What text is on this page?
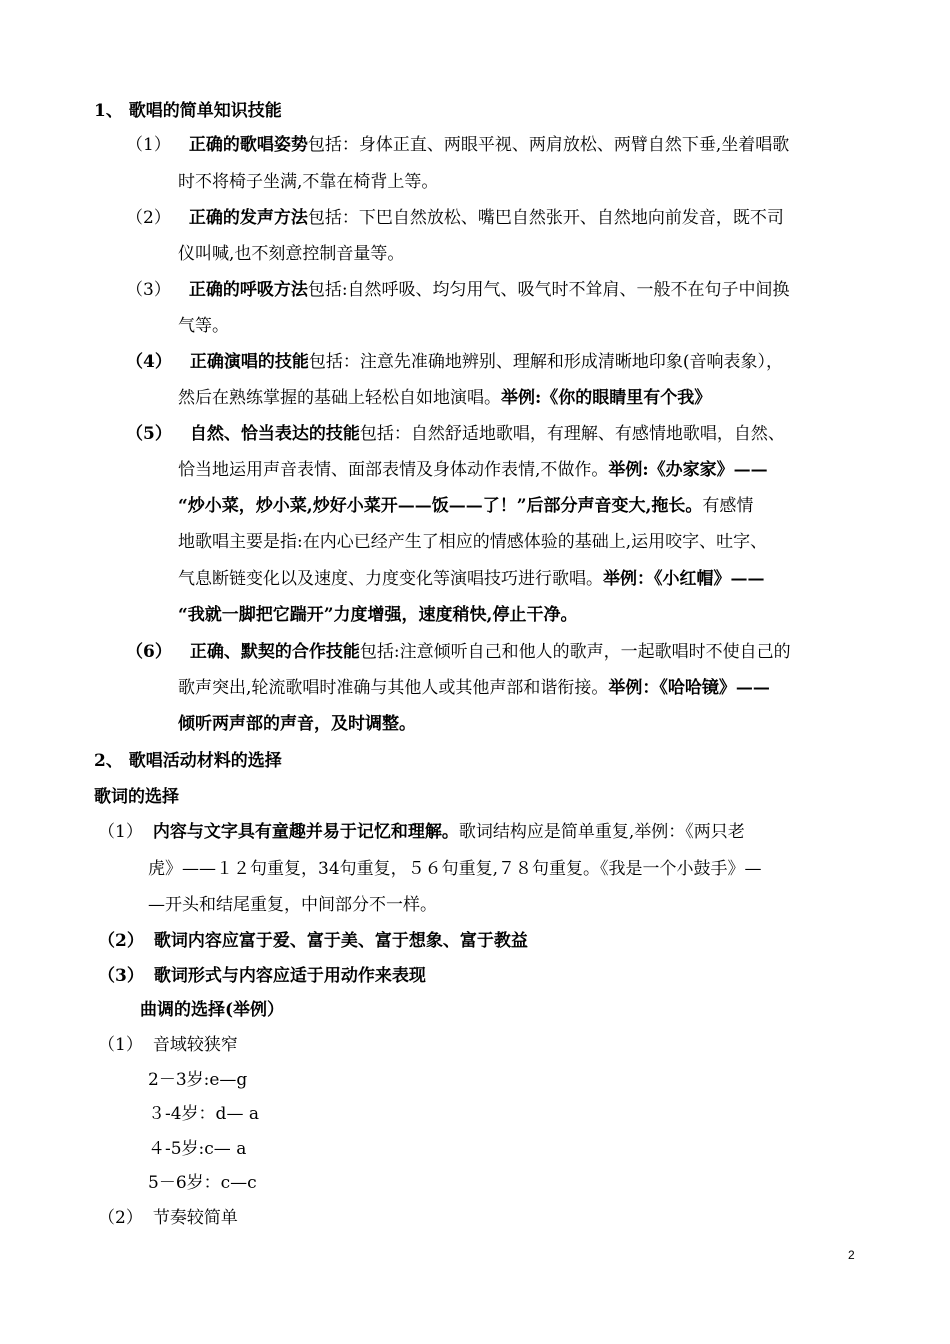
1、 歌唱的简单知识技能
（1） 正确的歌唱姿势包括：身体正直、两眼平视、两肩放松、两臂自然下垂,坐着唱歌
时不将椅子坐满,不靠在椅背上等。
（2） 正确的发声方法包括：下巴自然放松、嘴巴自然张开、自然地向前发音，既不司
仪叫喊,也不刻意控制音量等。
（3） 正确的呼吸方法包括:自然呼吸、均匀用气、吸气时不耸肩、一般不在句子中间换
气等。
（4） 正确演唱的技能包括：注意先准确地辨别、理解和形成清晰地印象(音响表象），
然后在熟练掌握的基础上轻松自如地演唱。举例:《你的眼睛里有个我》
（5） 自然、恰当表达的技能包括：自然舒适地歌唱，有理解、有感情地歌唱，自然、
恰当地运用声音表情、面部表情及身体动作表情,不做作。举例:《办家家》——
“炒小菜，炒小菜,炒好小菜开——饭——了！”后部分声音变大,拖长。有感情
地歌唱主要是指:在内心已经产生了相应的情感体验的基础上,运用咬字、吐字、
气息断链变化以及速度、力度变化等演唱技巧进行歌唱。举例：《小红帽》——
“我就一脚把它踹开”力度增强，速度稍快,停止干净。
（6） 正确、默契的合作技能包括:注意倾听自己和他人的歌声，一起歌唱时不使自己的
歌声突出,轮流歌唱时准确与其他人或其他声部和谐衔接。举例：《哈哈镜》——
倾听两声部的声音，及时调整。
2、 歌唱活动材料的选择
歌词的选择
（1） 内容与文字具有童趣并易于记忆和理解。歌词结构应是简单重复,举例：《两只老
虎》——１２句重复，34句重复，５６句重复,７８句重复。《我是一个小鼓手》—
—开头和结尾重复，中间部分不一样。
（2） 歌词内容应富于爱、富于美、富于想象、富于教益
（3） 歌词形式与内容应适于用动作来表现
曲调的选择(举例）
（1） 音域较狭窄
2－3岁:e—g
３-4岁：d— a
４-5岁:c— a
5－6岁：c—c
（2） 节奏较简单
2
